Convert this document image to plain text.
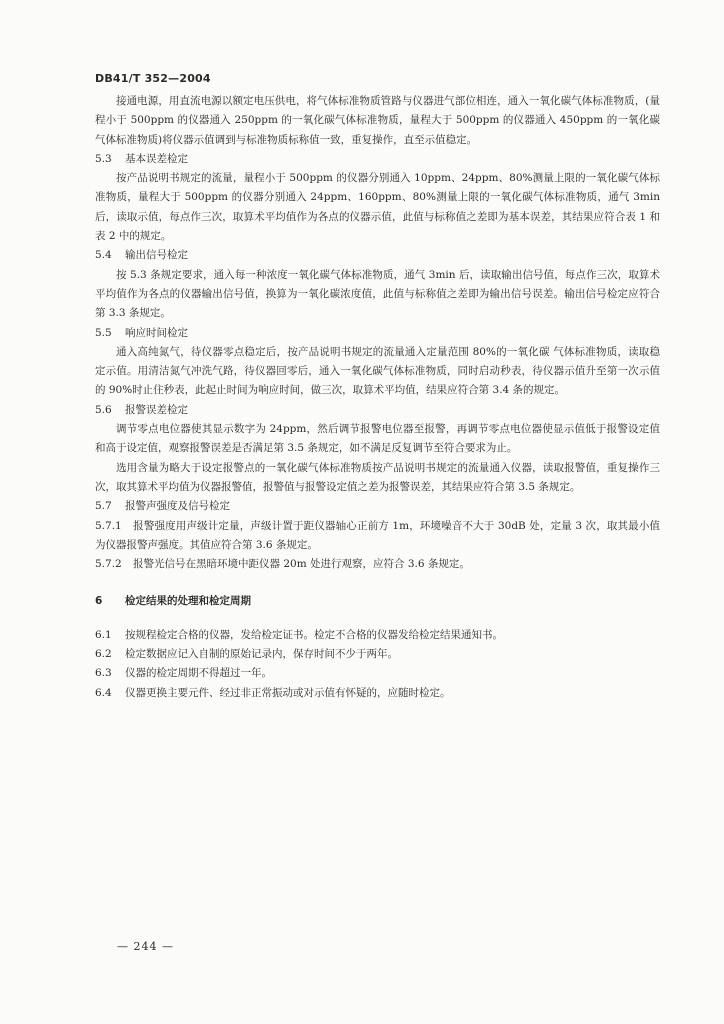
DB41/T 352—2004

接通电源，用直流电源以额定电压供电，将气体标准物质管路与仪器进气部位相连，通入一氧化碳气体标准物质，(量程小于 500ppm 的仪器通入 250ppm 的一氧化碳气体标准物质，量程大于 500ppm 的仪器通入 450ppm 的一氧化碳气体标准物质)将仪器示值调到与标准物质标称值一致，重复操作，直至示值稳定。

5.3 基本误差检定

按产品说明书规定的流量，量程小于 500ppm 的仪器分别通入 10ppm、24ppm、80%测量上限的一氧化碳气体标准物质，量程大于 500ppm 的仪器分别通入 24ppm、160ppm、80%测量上限的一氧化碳气体标准物质，通气 3min 后，读取示值，每点作三次，取算术平均值作为各点的仪器示值，此值与标称值之差即为基本误差，其结果应符合表 1 和表 2 中的规定。

5.4 输出信号检定

按 5.3 条规定要求，通入每一种浓度一氧化碳气体标准物质，通气 3min 后，读取输出信号值，每点作三次，取算术平均值作为各点的仪器输出信号值，换算为一氧化碳浓度值，此值与标称值之差即为输出信号误差。输出信号检定应符合第 3.3 条规定。

5.5 响应时间检定

通入高纯氮气，待仪器零点稳定后，按产品说明书规定的流量通入定量范围 80%的一氧化碳 气体标准物质，读取稳定示值。用清洁氮气冲洗气路，待仪器回零后，通入一氧化碳气体标准物质，同时启动秒表，待仪器示值升至第一次示值的 90%时止住秒表，此起止时间为响应时间，做三次，取算术平均值，结果应符合第 3.4 条的规定。

5.6 报警误差检定

调节零点电位器使其显示数字为 24ppm，然后调节报警电位器至报警，再调节零点电位器使显示值低于报警设定值和高于设定值，观察报警误差是否满足第 3.5 条规定，如不满足反复调节至符合要求为止。

选用含量为略大于设定报警点的一氧化碳气体标准物质按产品说明书规定的流量通入仪器，读取报警值，重复操作三次，取其算术平均值为仪器报警值，报警值与报警设定值之差为报警误差，其结果应符合第 3.5 条规定。

5.7 报警声强度及信号检定

5.7.1 报警强度用声级计定量，声级计置于距仪器轴心正前方 1m，环境噪音不大于 30dB 处，定量 3 次，取其最小值为仪器报警声强度。其值应符合第 3.6 条规定。

5.7.2 报警光信号在黑暗环境中距仪器 20m 处进行观察，应符合 3.6 条规定。

6 检定结果的处理和检定周期

6.1 按规程检定合格的仪器，发给检定证书。检定不合格的仪器发给检定结果通知书。

6.2 检定数据应记入自制的原始记录内，保存时间不少于两年。

6.3 仪器的检定周期不得超过一年。

6.4 仪器更换主要元件、经过非正常振动或对示值有怀疑的，应随时检定。

— 244 —
